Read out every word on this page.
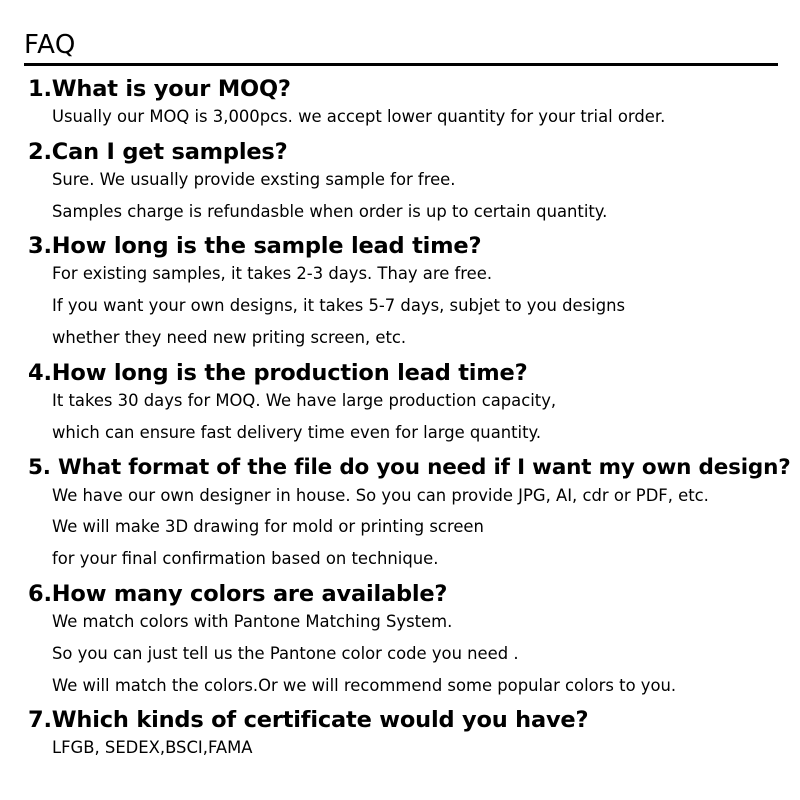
FAQ
1.What is your MOQ?

Usually our MOQ is 3,000pcs. we accept lower quantity for your trial order.

2.Can I get samples?

Sure. We usually provide exsting sample for free.

Samples charge is refundasble when order is up to certain quantity.

3.How long is the sample lead time?

For existing samples, it takes 2-3 days. Thay are free.

If you want your own designs, it takes 5-7 days, subjet to you designs

whether they need new priting screen, etc.

4.How long is the production lead time?

It takes 30 days for MOQ. We have large production capacity,

which can ensure fast delivery time even for large quantity.

5. What format of the file do you need if I want my own design?

We have our own designer in house. So you can provide JPG, AI, cdr or PDF, etc.

We will make 3D drawing for mold or printing screen

for your final confirmation based on technique.

6.How many colors are available?

We match colors with Pantone Matching System.

So you can just tell us the Pantone color code you need .

We will match the colors.Or we will recommend some popular colors to you.

7.Which kinds of certificate would you have?

LFGB, SEDEX,BSCI,FAMA
